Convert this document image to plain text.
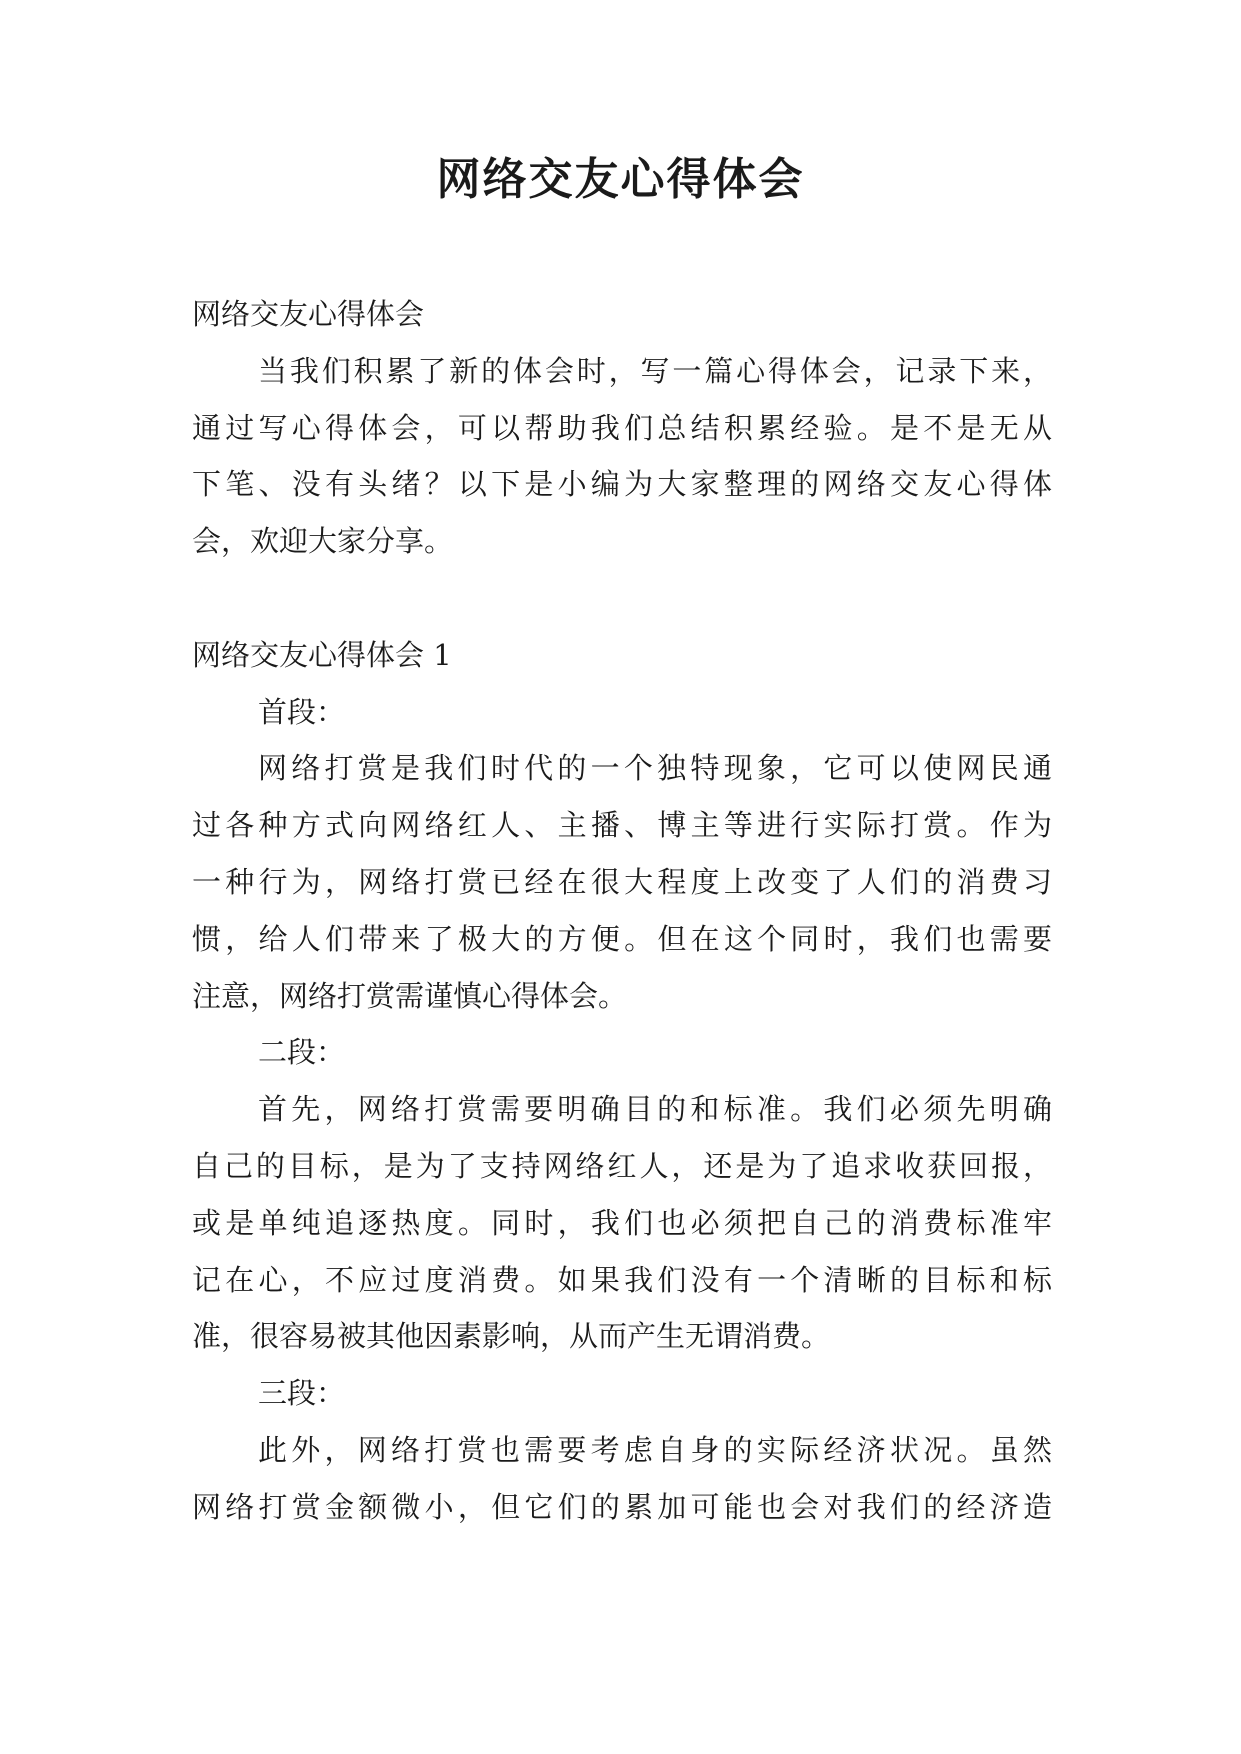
网络交友心得体会

网络交友心得体会

当我们积累了新的体会时，写一篇心得体会，记录下来，

通过写心得体会，可以帮助我们总结积累经验。是不是无从

下笔、没有头绪？以下是小编为大家整理的网络交友心得体

会，欢迎大家分享。

网络交友心得体会 1

首段：

网络打赏是我们时代的一个独特现象，它可以使网民通

过各种方式向网络红人、主播、博主等进行实际打赏。作为

一种行为，网络打赏已经在很大程度上改变了人们的消费习

惯，给人们带来了极大的方便。但在这个同时，我们也需要

注意，网络打赏需谨慎心得体会。

二段：

首先，网络打赏需要明确目的和标准。我们必须先明确

自己的目标，是为了支持网络红人，还是为了追求收获回报，

或是单纯追逐热度。同时，我们也必须把自己的消费标准牢

记在心，不应过度消费。如果我们没有一个清晰的目标和标

准，很容易被其他因素影响，从而产生无谓消费。

三段：

此外，网络打赏也需要考虑自身的实际经济状况。虽然

网络打赏金额微小，但它们的累加可能也会对我们的经济造
